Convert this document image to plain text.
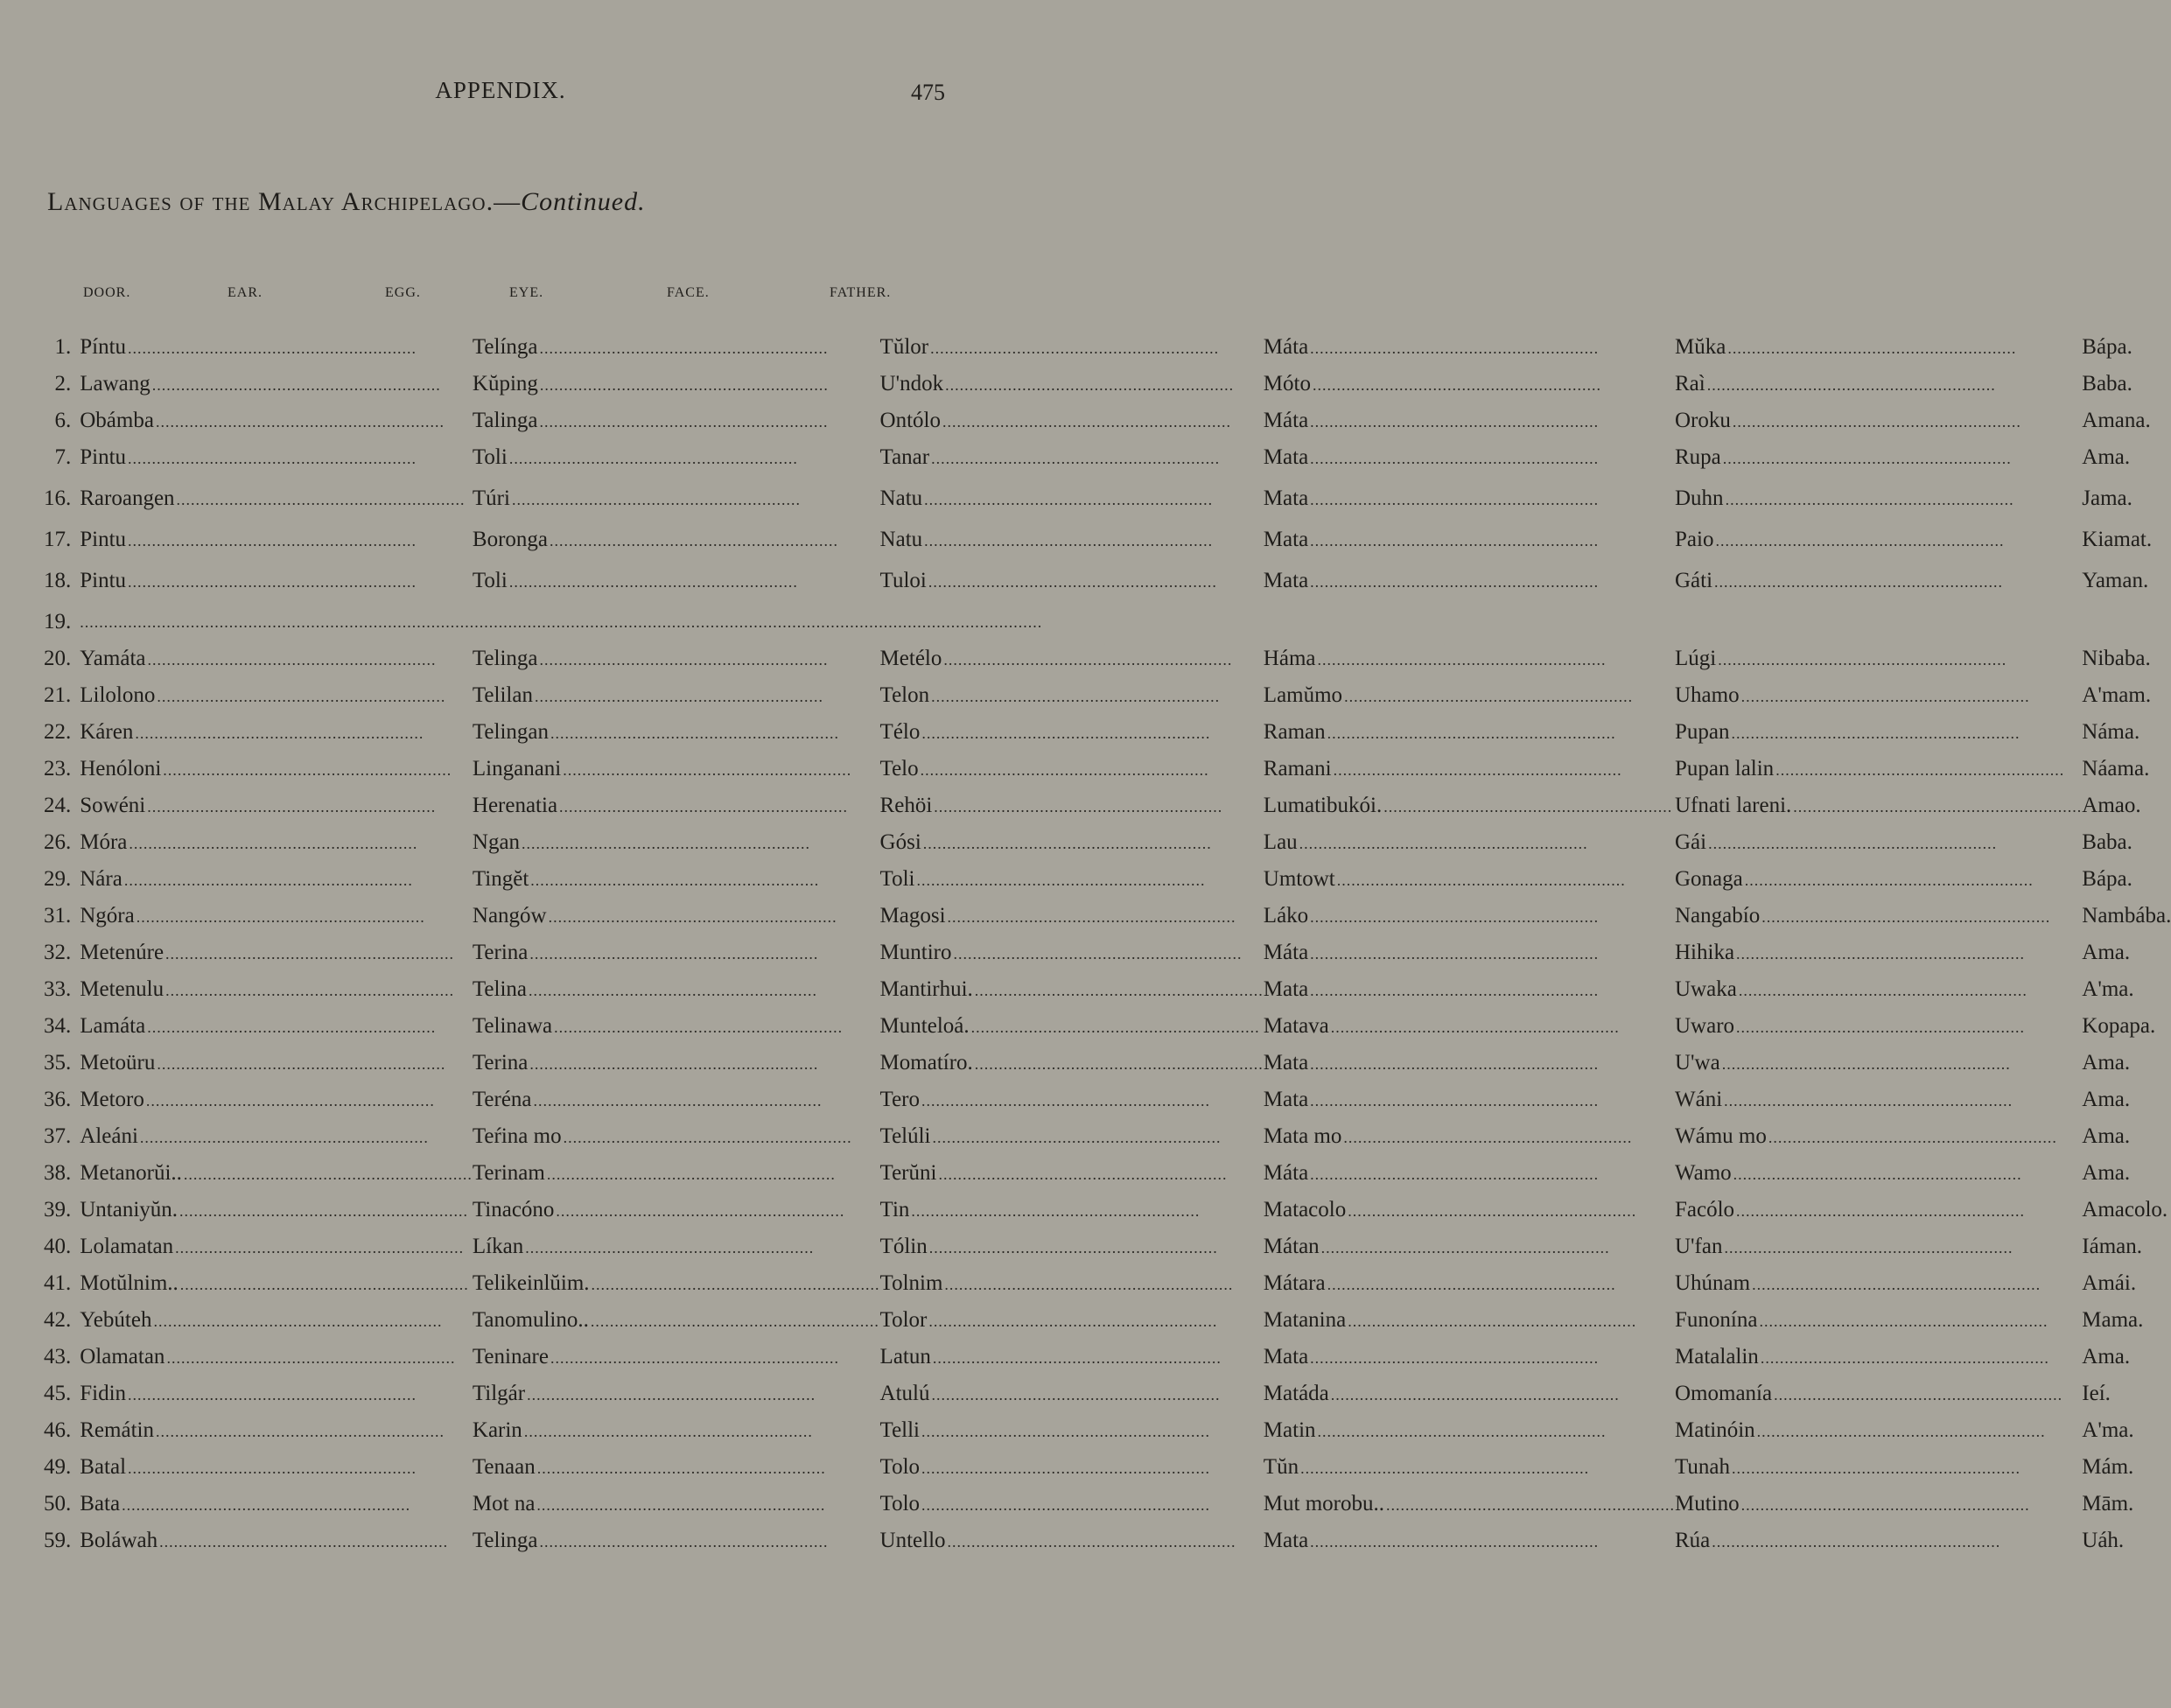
APPENDIX.	475
Languages of the Malay Archipelago.—Continued.
DOOR.	EAR.	EGG.	EYE.	FACE.	FATHER.
1.	Píntu ............................................................	Telínga ............................................................	Tŭlor ............................................................	Máta ............................................................	Mŭka ............................................................	Bápa.

2.	Lawang ............................................................	Kŭping ............................................................	U'ndok ............................................................	Móto ............................................................	Raì ............................................................	Baba.

6.	Obámba ............................................................	Talinga ............................................................	Ontólo ............................................................	Máta ............................................................	Oroku ............................................................	Amana.

7.	Pintu ............................................................	Toli ............................................................	Tanar ............................................................	Mata ............................................................	Rupa ............................................................	Ama.

16.	Raroangen ............................................................	Túri ............................................................	Natu ............................................................	Mata ............................................................	Duhn ............................................................	Jama.

17.	Pintu ............................................................	Boronga ............................................................	Natu ............................................................	Mata ............................................................	Paio ............................................................	Kiamat.

18.	Pintu ............................................................	Toli ............................................................	Tuloi ............................................................	Mata ............................................................	Gáti ............................................................	Yaman.

19.	........................................................................................................................................................................................................					
20.	Yamáta ............................................................	Telinga ............................................................	Metélo ............................................................	Háma ............................................................	Lúgi ............................................................	Nibaba.

21.	Lilolono ............................................................	Telilan ............................................................	Telon ............................................................	Lamŭmo ............................................................	Uhamo ............................................................	A'mam.

22.	Káren ............................................................	Telingan ............................................................	Télo ............................................................	Raman ............................................................	Pupan ............................................................	Náma.

23.	Henóloni ............................................................	Linganani ............................................................	Telo ............................................................	Ramani ............................................................	Pupan lalin ............................................................	Náama.

24.	Sowéni ............................................................	Herenatia ............................................................	Rehöi ............................................................	Lumatibukói. ............................................................	Ufnati lareni. ............................................................	Amao.

26.	Móra ............................................................	Ngan ............................................................	Gósi ............................................................	Lau ............................................................	Gái ............................................................	Baba.

29.	Nára ............................................................	Tingĕt ............................................................	Toli ............................................................	Umtowt ............................................................	Gonaga ............................................................	Bápa.

31.	Ngóra ............................................................	Nangów ............................................................	Magosi ............................................................	Láko ............................................................	Nangabío ............................................................	Nambába.

32.	Metenúre ............................................................	Terina ............................................................	Muntiro ............................................................	Máta ............................................................	Hihika ............................................................	Ama.

33.	Metenulu ............................................................	Telina ............................................................	Mantirhui. ............................................................	Mata ............................................................	Uwaka ............................................................	A'ma.

34.	Lamáta ............................................................	Telinawa ............................................................	Munteloá. ............................................................	Matava ............................................................	Uwaro ............................................................	Kopapa.

35.	Metoüru ............................................................	Terina ............................................................	Momatíro. ............................................................	Mata ............................................................	U'wa ............................................................	Ama.

36.	Metoro ............................................................	Teréna ............................................................	Tero ............................................................	Mata ............................................................	Wáni ............................................................	Ama.

37.	Aleáni ............................................................	Teŕina mo ............................................................	Telúli ............................................................	Mata mo ............................................................	Wámu mo ............................................................	Ama.

38.	Metanorŭi.. ............................................................	Terinam ............................................................	Terŭni ............................................................	Máta ............................................................	Wamo ............................................................	Ama.

39.	Untaniyŭn. ............................................................	Tinacóno ............................................................	Tin ............................................................	Matacolo ............................................................	Facólo ............................................................	Amacolo.

40.	Lolamatan ............................................................	Líkan ............................................................	Tólin ............................................................	Mátan ............................................................	U'fan ............................................................	Iáman.

41.	Motŭlnim.. ............................................................	Telikeinlŭim. ............................................................	Tolnim ............................................................	Mátara ............................................................	Uhúnam ............................................................	Amái.

42.	Yebúteh ............................................................	Tanomulino.. ............................................................	Tolor ............................................................	Matanina ............................................................	Funonína ............................................................	Mama.

43.	Olamatan ............................................................	Teninare ............................................................	Latun ............................................................	Mata ............................................................	Matalalin ............................................................	Ama.

45.	Fidin ............................................................	Tilgár ............................................................	Atulú ............................................................	Matáda ............................................................	Omomanía ............................................................	Ieí.

46.	Remátin ............................................................	Karin ............................................................	Telli ............................................................	Matin ............................................................	Matinóin ............................................................	A'ma.

49.	Batal ............................................................	Tenaan ............................................................	Tolo ............................................................	Tŭn ............................................................	Tunah ............................................................	Mám.

50.	Bata ............................................................	Mot na ............................................................	Tolo ............................................................	Mut morobu.. ............................................................	Mutino ............................................................	Mām.

59.	Boláwah ............................................................	Telinga ............................................................	Untello ............................................................	Mata ............................................................	Rúa ............................................................	Uáh.
